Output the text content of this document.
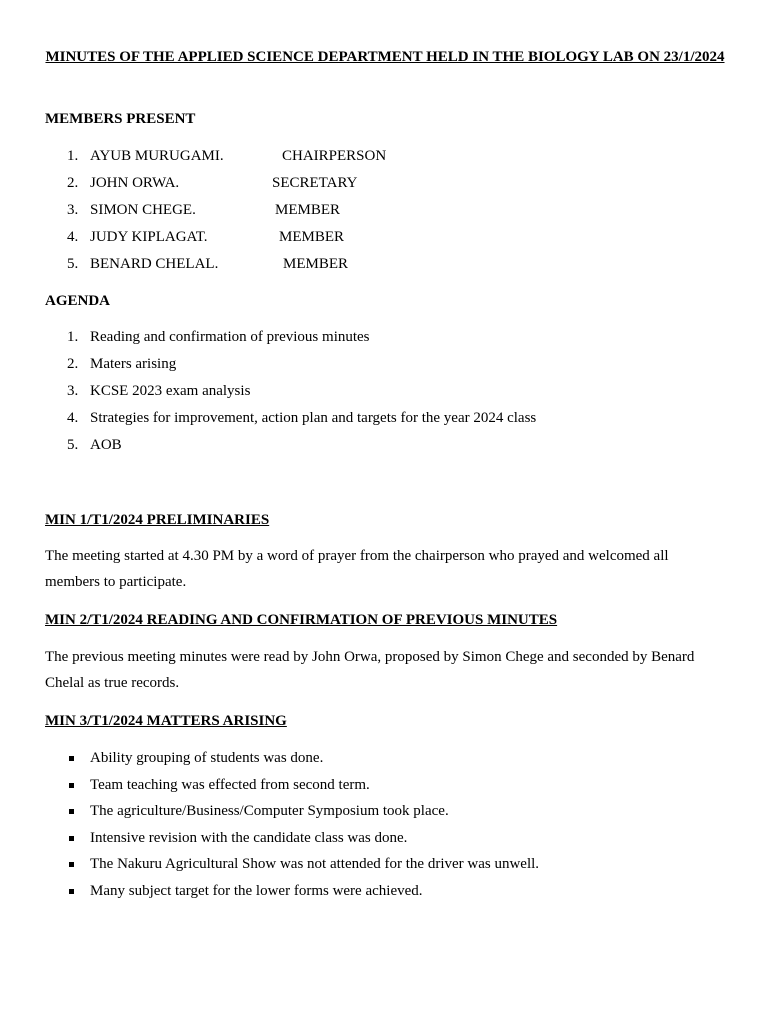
MINUTES OF THE APPLIED SCIENCE DEPARTMENT HELD IN THE BIOLOGY LAB ON 23/1/2024
MEMBERS PRESENT
1. AYUB MURUGAMI.	CHAIRPERSON
2. JOHN ORWA.	SECRETARY
3. SIMON CHEGE.	MEMBER
4. JUDY KIPLAGAT.	MEMBER
5. BENARD CHELAL.	MEMBER
AGENDA
1. Reading and confirmation of previous minutes
2. Maters arising
3. KCSE 2023 exam analysis
4. Strategies for improvement, action plan and targets for the year 2024 class
5. AOB
MIN 1/T1/2024 PRELIMINARIES
The meeting started at 4.30 PM by a word of prayer from the chairperson who prayed and welcomed all members to participate.
MIN 2/T1/2024 READING AND CONFIRMATION OF PREVIOUS MINUTES
The previous meeting minutes were read by John Orwa, proposed by Simon Chege and seconded by Benard Chelal as true records.
MIN 3/T1/2024 MATTERS ARISING
Ability grouping of students was done.
Team teaching was effected from second term.
The agriculture/Business/Computer Symposium took place.
Intensive revision with the candidate class was done.
The Nakuru Agricultural Show was not attended for the driver was unwell.
Many subject target for the lower forms were achieved.
